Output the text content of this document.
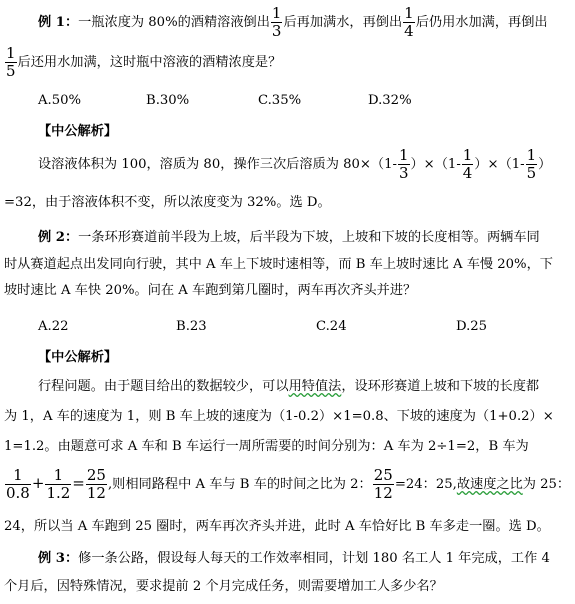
例 1：一瓶浓度为 80%的酒精溶液倒出 $\frac{1}{3}$ 后再加满水，再倒出 $\frac{1}{4}$ 后仍用水加满，再倒出
$\frac{1}{5}$ 后还用水加满，这时瓶中溶液的酒精浓度是？
A.50%	B.30%	C.35%	D.32%
【中公解析】
设溶液体积为 100，溶质为 80，操作三次后溶质为 $80\times(1- \frac{1}{3} )\times(1- \frac{1}{4} )\times(1- \frac{1}{5}$ ）
=32，由于溶液体积不变，所以浓度变为 32%。选 D。
例 2：一条环形赛道前半段为上坡，后半段为下坡，上坡和下坡的长度相等。两辆车同
时从赛道起点出发同向行驶，其中 A 车上下坡时速相等，而 B 车上坡时速比 A 车慢 20%，下
坡时速比 A 车快 20%。问在 A 车跑到第几圈时，两车再次齐头并进？
A.22	B.23	C.24	D.25
【中公解析】
行程问题。由于题目给出的数据较少，可以用特值法，设环形赛道上坡和下坡的长度都
为 1，A 车的速度为 1，则 B 车上坡的速度为（1-0.2）×1=0.8、下坡的速度为（1+0.2）×
1=1.2。由题意可求 A 车和 B 车运行一周所需要的时间分别为：A 车为 2÷1=2，B 车为
$\frac{1}{0.8} + \frac{1}{1.2} = \frac{25}{12}$ ,则相同路程中 A 车与 B 车的时间之比为 2： $\frac{25}{12} =24$：25,故速度之比为 25：
24，所以当 A 车跑到 25 圈时，两车再次齐头并进，此时 A 车恰好比 B 车多走一圈。选 D。
例 3：修一条公路，假设每人每天的工作效率相同，计划 180 名工人 1 年完成，工作 4
个月后，因特殊情况，要求提前 2 个月完成任务，则需要增加工人多少名？
